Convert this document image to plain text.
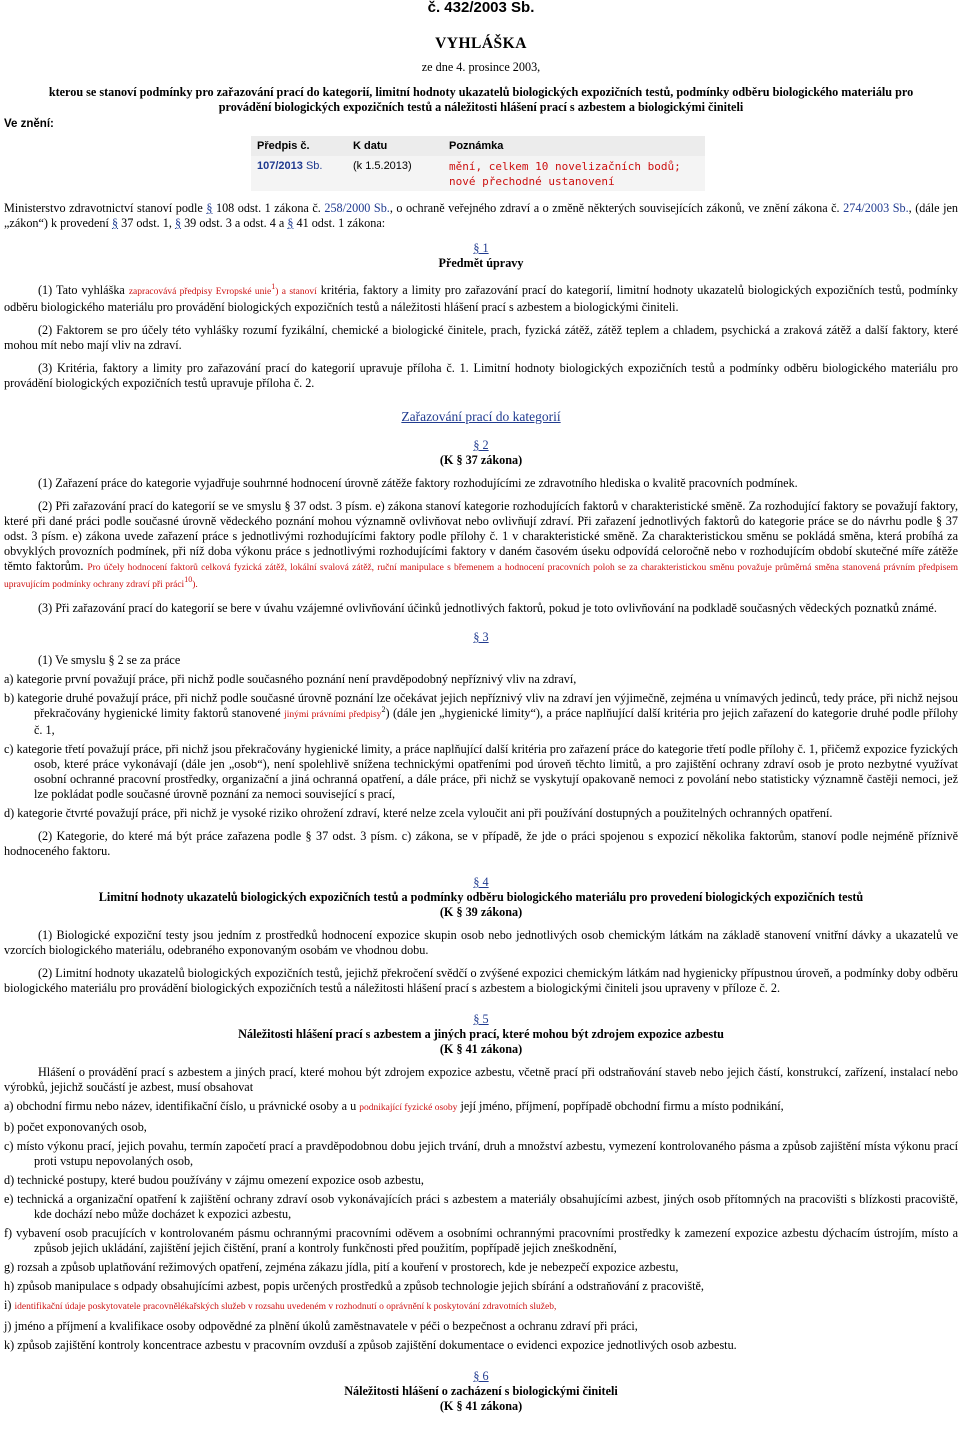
č. 432/2003 Sb.
VYHLÁŠKA
ze dne 4. prosince 2003,
kterou se stanoví podmínky pro zařazování prací do kategorií, limitní hodnoty ukazatelů biologických expozičních testů, podmínky odběru biologického materiálu pro provádění biologických expozičních testů a náležitosti hlášení prací s azbestem a biologickými činiteli
Ve znění:
Předpis č.	K datu	Poznámka
107/2013 Sb.	(k 1.5.2013)	mění, celkem 10 novelizačních bodů; nové přechodné ustanovení

Ministerstvo zdravotnictví stanoví podle § 108 odst. 1 zákona č. 258/2000 Sb., o ochraně veřejného zdraví a o změně některých souvisejících zákonů, ve znění zákona č. 274/2003 Sb., (dále jen „zákon“) k provedení § 37 odst. 1, § 39 odst. 3 a odst. 4 a § 41 odst. 1 zákona:

§ 1
Předmět úpravy

(1) Tato vyhláška zapracovává předpisy Evropské unie$^1$) a stanoví kritéria, faktory a limity pro zařazování prací do kategorií, limitní hodnoty ukazatelů biologických expozičních testů, podmínky odběru biologického materiálu pro provádění biologických expozičních testů a náležitosti hlášení prací s azbestem a biologickými činiteli.

(2) Faktorem se pro účely této vyhlášky rozumí fyzikální, chemické a biologické činitele, prach, fyzická zátěž, zátěž teplem a chladem, psychická a zraková zátěž a další faktory, které mohou mít nebo mají vliv na zdraví.

(3) Kritéria, faktory a limity pro zařazování prací do kategorií upravuje příloha č. 1. Limitní hodnoty biologických expozičních testů a podmínky odběru biologického materiálu pro provádění biologických expozičních testů upravuje příloha č. 2.

Zařazování prací do kategorií
§ 2
(K § 37 zákona)

(1) Zařazení práce do kategorie vyjadřuje souhrnné hodnocení úrovně zátěže faktory rozhodujícími ze zdravotního hlediska o kvalitě pracovních podmínek.

(2) Při zařazování prací do kategorií se ve smyslu § 37 odst. 3 písm. e) zákona stanoví kategorie rozhodujících faktorů v charakteristické směně. Za rozhodující faktory se považují faktory, které při dané práci podle současné úrovně vědeckého poznání mohou významně ovlivňovat nebo ovlivňují zdraví. Při zařazení jednotlivých faktorů do kategorie práce se do návrhu podle § 37 odst. 3 písm. e) zákona uvede zařazení práce s jednotlivými rozhodujícími faktory podle přílohy č. 1 v charakteristické směně. Za charakteristickou směnu se pokládá směna, která probíhá za obvyklých provozních podmínek, při níž doba výkonu práce s jednotlivými rozhodujícími faktory v daném časovém úseku odpovídá celoročně nebo v rozhodujícím období skutečné míře zátěže těmto faktorům. Pro účely hodnocení faktorů celková fyzická zátěž, lokální svalová zátěž, ruční manipulace s břemenem a hodnocení pracovních poloh se za charakteristickou směnu považuje průměrná směna stanovená právním předpisem upravujícím podmínky ochrany zdraví při práci$^{10}$).

(3) Při zařazování prací do kategorií se bere v úvahu vzájemné ovlivňování účinků jednotlivých faktorů, pokud je toto ovlivňování na podkladě současných vědeckých poznatků známé.

§ 3

(1) Ve smyslu § 2 se za práce

a) kategorie první považují práce, při nichž podle současného poznání není pravděpodobný nepříznivý vliv na zdraví,

b) kategorie druhé považují práce, při nichž podle současné úrovně poznání lze očekávat jejich nepříznivý vliv na zdraví jen výjimečně, zejména u vnímavých jedinců, tedy práce, při nichž nejsou překračovány hygienické limity faktorů stanovené jinými právními předpisy$^2$) (dále jen „hygienické limity“), a práce naplňující další kritéria pro jejich zařazení do kategorie druhé podle přílohy č. 1,

c) kategorie třetí považují práce, při nichž jsou překračovány hygienické limity, a práce naplňující další kritéria pro zařazení práce do kategorie třetí podle přílohy č. 1, přičemž expozice fyzických osob, které práce vykonávají (dále jen „osob“), není spolehlivě snížena technickými opatřeními pod úroveň těchto limitů, a pro zajištění ochrany zdraví osob je proto nezbytné využívat osobní ochranné pracovní prostředky, organizační a jiná ochranná opatření, a dále práce, při nichž se vyskytují opakovaně nemoci z povolání nebo statisticky významně častěji nemoci, jež lze pokládat podle současné úrovně poznání za nemoci související s prací,

d) kategorie čtvrté považují práce, při nichž je vysoké riziko ohrožení zdraví, které nelze zcela vyloučit ani při používání dostupných a použitelných ochranných opatření.

(2) Kategorie, do které má být práce zařazena podle § 37 odst. 3 písm. c) zákona, se v případě, že jde o práci spojenou s expozicí několika faktorům, stanoví podle nejméně příznivě hodnoceného faktoru.

§ 4
Limitní hodnoty ukazatelů biologických expozičních testů a podmínky odběru biologického materiálu pro provedení biologických expozičních testů
(K § 39 zákona)

(1) Biologické expoziční testy jsou jedním z prostředků hodnocení expozice skupin osob nebo jednotlivých osob chemickým látkám na základě stanovení vnitřní dávky a ukazatelů ve vzorcích biologického materiálu, odebraného exponovaným osobám ve vhodnou dobu.

(2) Limitní hodnoty ukazatelů biologických expozičních testů, jejichž překročení svědčí o zvýšené expozici chemickým látkám nad hygienicky přípustnou úroveň, a podmínky doby odběru biologického materiálu pro provádění biologických expozičních testů a náležitosti hlášení prací s azbestem a biologickými činiteli jsou upraveny v příloze č. 2.

§ 5
Náležitosti hlášení prací s azbestem a jiných prací, které mohou být zdrojem expozice azbestu
(K § 41 zákona)

Hlášení o provádění prací s azbestem a jiných prací, které mohou být zdrojem expozice azbestu, včetně prací při odstraňování staveb nebo jejich částí, konstrukcí, zařízení, instalací nebo výrobků, jejichž součástí je azbest, musí obsahovat

a) obchodní firmu nebo název, identifikační číslo, u právnické osoby a u podnikající fyzické osoby její jméno, příjmení, popřípadě obchodní firmu a místo podnikání,

b) počet exponovaných osob,

c) místo výkonu prací, jejich povahu, termín započetí prací a pravděpodobnou dobu jejich trvání, druh a množství azbestu, vymezení kontrolovaného pásma a způsob zajištění místa výkonu prací proti vstupu nepovolaných osob,

d) technické postupy, které budou používány v zájmu omezení expozice osob azbestu,

e) technická a organizační opatření k zajištění ochrany zdraví osob vykonávajících práci s azbestem a materiály obsahujícími azbest, jiných osob přítomných na pracovišti s blízkosti pracoviště, kde dochází nebo může docházet k expozici azbestu,

f) vybavení osob pracujících v kontrolovaném pásmu ochrannými pracovními oděvem a osobními ochrannými pracovními prostředky k zamezení expozice azbestu dýchacím ústrojím, místo a způsob jejich ukládání, zajištění jejich čištění, praní a kontroly funkčnosti před použitím, popřípadě jejich zneškodnění,

g) rozsah a způsob uplatňování režimových opatření, zejména zákazu jídla, pití a kouření v prostorech, kde je nebezpečí expozice azbestu,

h) způsob manipulace s odpady obsahujícími azbest, popis určených prostředků a způsob technologie jejich sbírání a odstraňování z pracoviště,

i) identifikační údaje poskytovatele pracovnělékařských služeb v rozsahu uvedeném v rozhodnutí o oprávnění k poskytování zdravotních služeb,

j) jméno a příjmení a kvalifikace osoby odpovědné za plnění úkolů zaměstnavatele v péči o bezpečnost a ochranu zdraví při práci,

k) způsob zajištění kontroly koncentrace azbestu v pracovním ovzduší a způsob zajištění dokumentace o evidenci expozice jednotlivých osob azbestu.

§ 6
Náležitosti hlášení o zacházení s biologickými činiteli
(K § 41 zákona)
